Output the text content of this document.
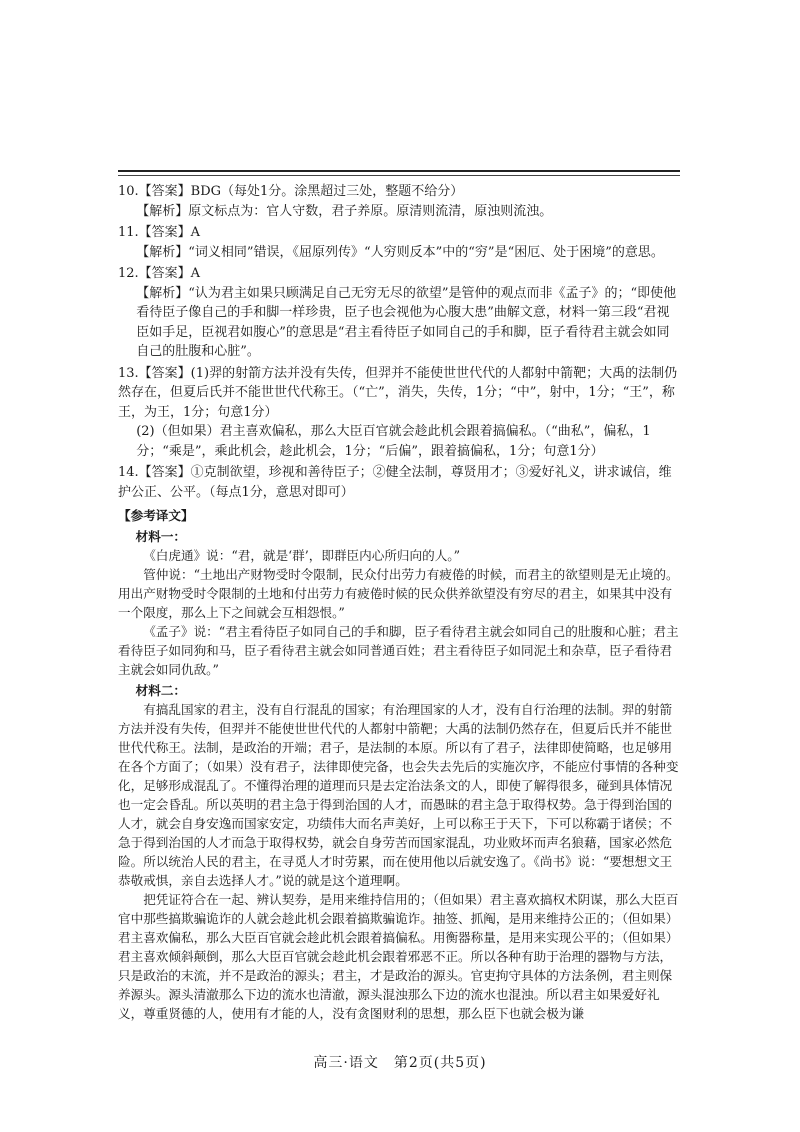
10.【答案】BDG（每处1分。涂黑超过三处，整题不给分）

【解析】原文标点为：官人守数，君子养原。原清则流清，原浊则流浊。

11.【答案】A

【解析】“词义相同”错误，《屈原列传》“人穷则反本”中的“穷”是“困厄、处于困境”的意思。

12.【答案】A

【解析】“认为君主如果只顾满足自己无穷无尽的欲望”是管仲的观点而非《孟子》的；“即使他看待臣子像自己的手和脚一样珍贵，臣子也会视他为心腹大患”曲解文意，材料一第三段“君视臣如手足，臣视君如腹心”的意思是“君主看待臣子如同自己的手和脚，臣子看待君主就会如同自己的肚腹和心脏”。

13.【答案】(1)羿的射箭方法并没有失传，但羿并不能使世世代代的人都射中箭靶；大禹的法制仍然存在，但夏后氏并不能世世代代称王。（“亡”，消失，失传，1分；“中”，射中，1分；“王”，称王，为王，1分；句意1分）

(2)（但如果）君主喜欢偏私，那么大臣百官就会趁此机会跟着搞偏私。（“曲私”，偏私，1分；“乘是”，乘此机会，趁此机会，1分；“后偏”，跟着搞偏私，1分；句意1分）

14.【答案】①克制欲望，珍视和善待臣子；②健全法制，尊贤用才；③爱好礼义，讲求诚信，维护公正、公平。（每点1分，意思对即可）

【参考译文】

材料一：

《白虎通》说：“君，就是‘群’，即群臣内心所归向的人。”

管仲说：“土地出产财物受时令限制，民众付出劳力有疲倦的时候，而君主的欲望则是无止境的。用出产财物受时令限制的土地和付出劳力有疲倦时候的民众供养欲望没有穷尽的君主，如果其中没有一个限度，那么上下之间就会互相怨恨。”

《孟子》说：“君主看待臣子如同自己的手和脚，臣子看待君主就会如同自己的肚腹和心脏；君主看待臣子如同狗和马，臣子看待君主就会如同普通百姓；君主看待臣子如同泥土和杂草，臣子看待君主就会如同仇敌。”

材料二：

有搞乱国家的君主，没有自行混乱的国家；有治理国家的人才，没有自行治理的法制。羿的射箭方法并没有失传，但羿并不能使世世代代的人都射中箭靶；大禹的法制仍然存在，但夏后氏并不能世世代代称王。法制，是政治的开端；君子，是法制的本原。所以有了君子，法律即使简略，也足够用在各个方面了；（如果）没有君子，法律即使完备，也会失去先后的实施次序，不能应付事情的各种变化，足够形成混乱了。不懂得治理的道理而只是去定治法条文的人，即使了解得很多，碰到具体情况也一定会昏乱。所以英明的君主急于得到治国的人才，而愚昧的君主急于取得权势。急于得到治国的人才，就会自身安逸而国家安定，功绩伟大而名声美好，上可以称王于天下，下可以称霸于诸侯；不急于得到治国的人才而急于取得权势，就会自身劳苦而国家混乱，功业败坏而声名狼藉，国家必然危险。所以统治人民的君主，在寻觅人才时劳累，而在使用他以后就安逸了。《尚书》说：“要想想文王恭敬戒惧，亲自去选择人才。”说的就是这个道理啊。

把凭证符合在一起、辨认契券，是用来维持信用的；（但如果）君主喜欢搞权术阴谋，那么大臣百官中那些搞欺骗诡诈的人就会趁此机会跟着搞欺骗诡诈。抽签、抓阄，是用来维持公正的；（但如果）君主喜欢偏私，那么大臣百官就会趁此机会跟着搞偏私。用衡器称量，是用来实现公平的；（但如果）君主喜欢倾斜颠倒，那么大臣百官就会趁此机会跟着邪恶不正。所以各种有助于治理的器物与方法，只是政治的末流，并不是政治的源头；君主，才是政治的源头。官吏拘守具体的方法条例，君主则保养源头。源头清澈那么下边的流水也清澈，源头混浊那么下边的流水也混浊。所以君主如果爱好礼义，尊重贤德的人，使用有才能的人，没有贪图财利的思想，那么臣下也就会极为谦

高三·语文　第2页(共5页)
